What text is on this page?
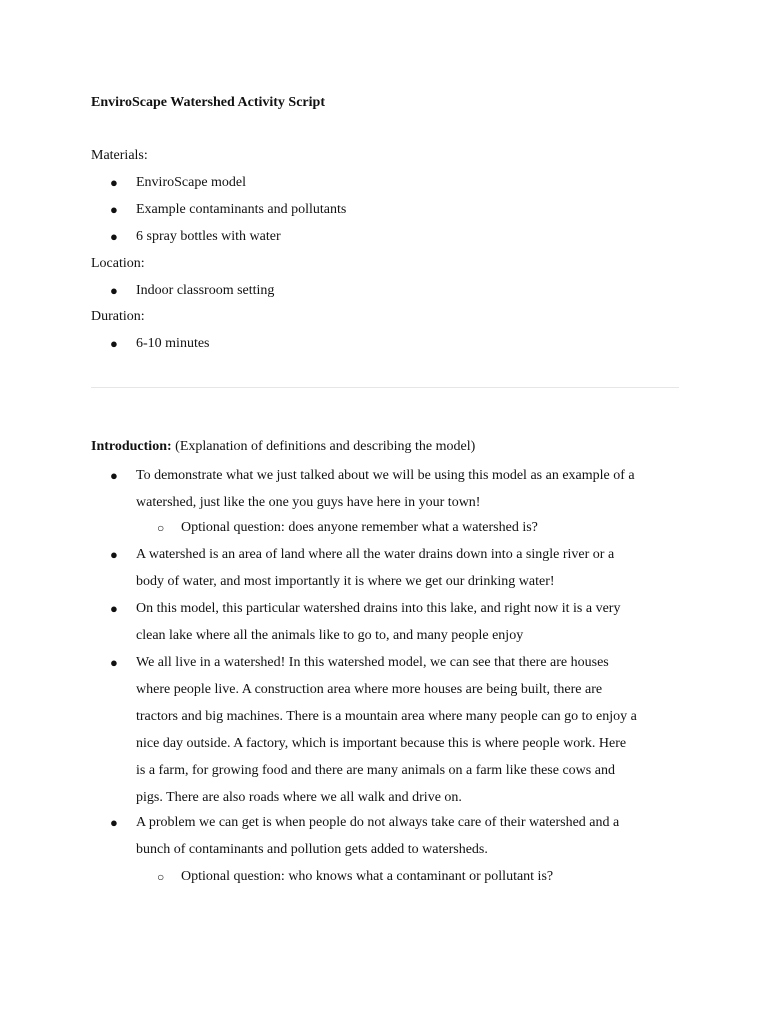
EnviroScape Watershed Activity Script
Materials:
●	EnviroScape model
●	Example contaminants and pollutants
●	6 spray bottles with water
Location:
●	Indoor classroom setting
Duration:
●	6-10 minutes
Introduction: (Explanation of definitions and describing the model)
●	To demonstrate what we just talked about we will be using this model as an example of a
watershed, just like the one you guys have here in your town!
○ Optional question: does anyone remember what a watershed is?
●	A watershed is an area of land where all the water drains down into a single river or a
body of water, and most importantly it is where we get our drinking water!
●	On this model, this particular watershed drains into this lake, and right now it is a very
clean lake where all the animals like to go to, and many people enjoy
●	We all live in a watershed! In this watershed model, we can see that there are houses
where people live. A construction area where more houses are being built, there are
tractors and big machines. There is a mountain area where many people can go to enjoy a
nice day outside. A factory, which is important because this is where people work. Here
is a farm, for growing food and there are many animals on a farm like these cows and
pigs. There are also roads where we all walk and drive on.
●	A problem we can get is when people do not always take care of their watershed and a
bunch of contaminants and pollution gets added to watersheds.
○ Optional question: who knows what a contaminant or pollutant is?
